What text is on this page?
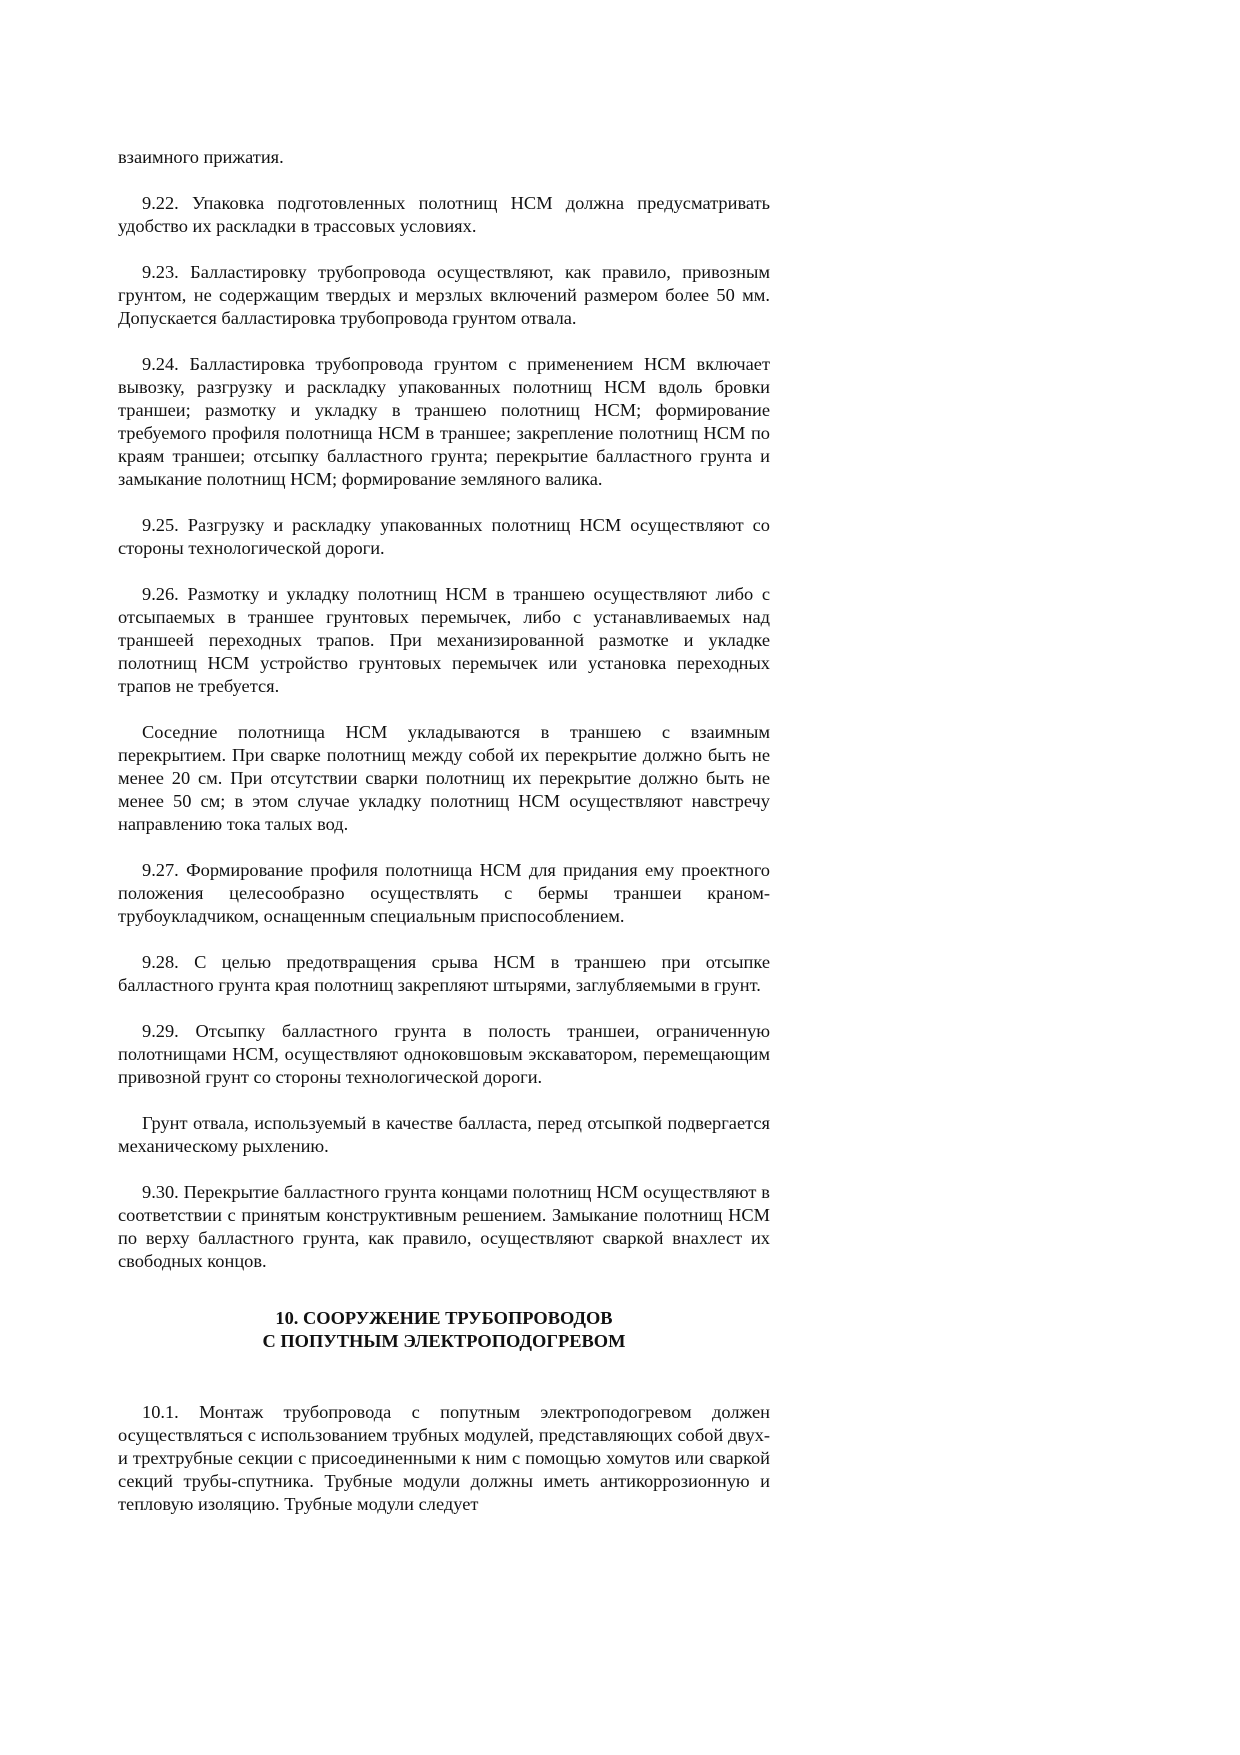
взаимного прижатия.

9.22. Упаковка подготовленных полотнищ НСМ должна предусматривать удобство их раскладки в трассовых условиях.

9.23. Балластировку трубопровода осуществляют, как правило, привозным грунтом, не содержащим твердых и мерзлых включений размером более 50 мм. Допускается балластировка трубопровода грунтом отвала.

9.24. Балластировка трубопровода грунтом с применением НСМ включает вывозку, разгрузку и раскладку упакованных полотнищ НСМ вдоль бровки траншеи; размотку и укладку в траншею полотнищ НСМ; формирование требуемого профиля полотнища НСМ в траншее; закрепление полотнищ НСМ по краям траншеи; отсыпку балластного грунта; перекрытие балластного грунта и замыкание полотнищ НСМ; формирование земляного валика.

9.25. Разгрузку и раскладку упакованных полотнищ НСМ осуществляют со стороны технологической дороги.

9.26. Размотку и укладку полотнищ НСМ в траншею осуществляют либо с отсыпаемых в траншее грунтовых перемычек, либо с устанавливаемых над траншеей переходных трапов. При механизированной размотке и укладке полотнищ НСМ устройство грунтовых перемычек или установка переходных трапов не требуется.

Соседние полотнища НСМ укладываются в траншею с взаимным перекрытием. При сварке полотнищ между собой их перекрытие должно быть не менее 20 см. При отсутствии сварки полотнищ их перекрытие должно быть не менее 50 см; в этом случае укладку полотнищ НСМ осуществляют навстречу направлению тока талых вод.

9.27. Формирование профиля полотнища НСМ для придания ему проектного положения целесообразно осуществлять с бермы траншеи краном-трубоукладчиком, оснащенным специальным приспособлением.

9.28. С целью предотвращения срыва НСМ в траншею при отсыпке балластного грунта края полотнищ закрепляют штырями, заглубляемыми в грунт.

9.29. Отсыпку балластного грунта в полость траншеи, ограниченную полотнищами НСМ, осуществляют одноковшовым экскаватором, перемещающим привозной грунт со стороны технологической дороги.

Грунт отвала, используемый в качестве балласта, перед отсыпкой подвергается механическому рыхлению.

9.30. Перекрытие балластного грунта концами полотнищ НСМ осуществляют в соответствии с принятым конструктивным решением. Замыкание полотнищ НСМ по верху балластного грунта, как правило, осуществляют сваркой внахлест их свободных концов.

10. СООРУЖЕНИЕ ТРУБОПРОВОДОВ
С ПОПУТНЫМ ЭЛЕКТРОПОДОГРЕВОМ

10.1. Монтаж трубопровода с попутным электроподогревом должен осуществляться с использованием трубных модулей, представляющих собой двух- и трехтрубные секции с присоединенными к ним с помощью хомутов или сваркой секций трубы-спутника. Трубные модули должны иметь антикоррозионную и тепловую изоляцию. Трубные модули следует
